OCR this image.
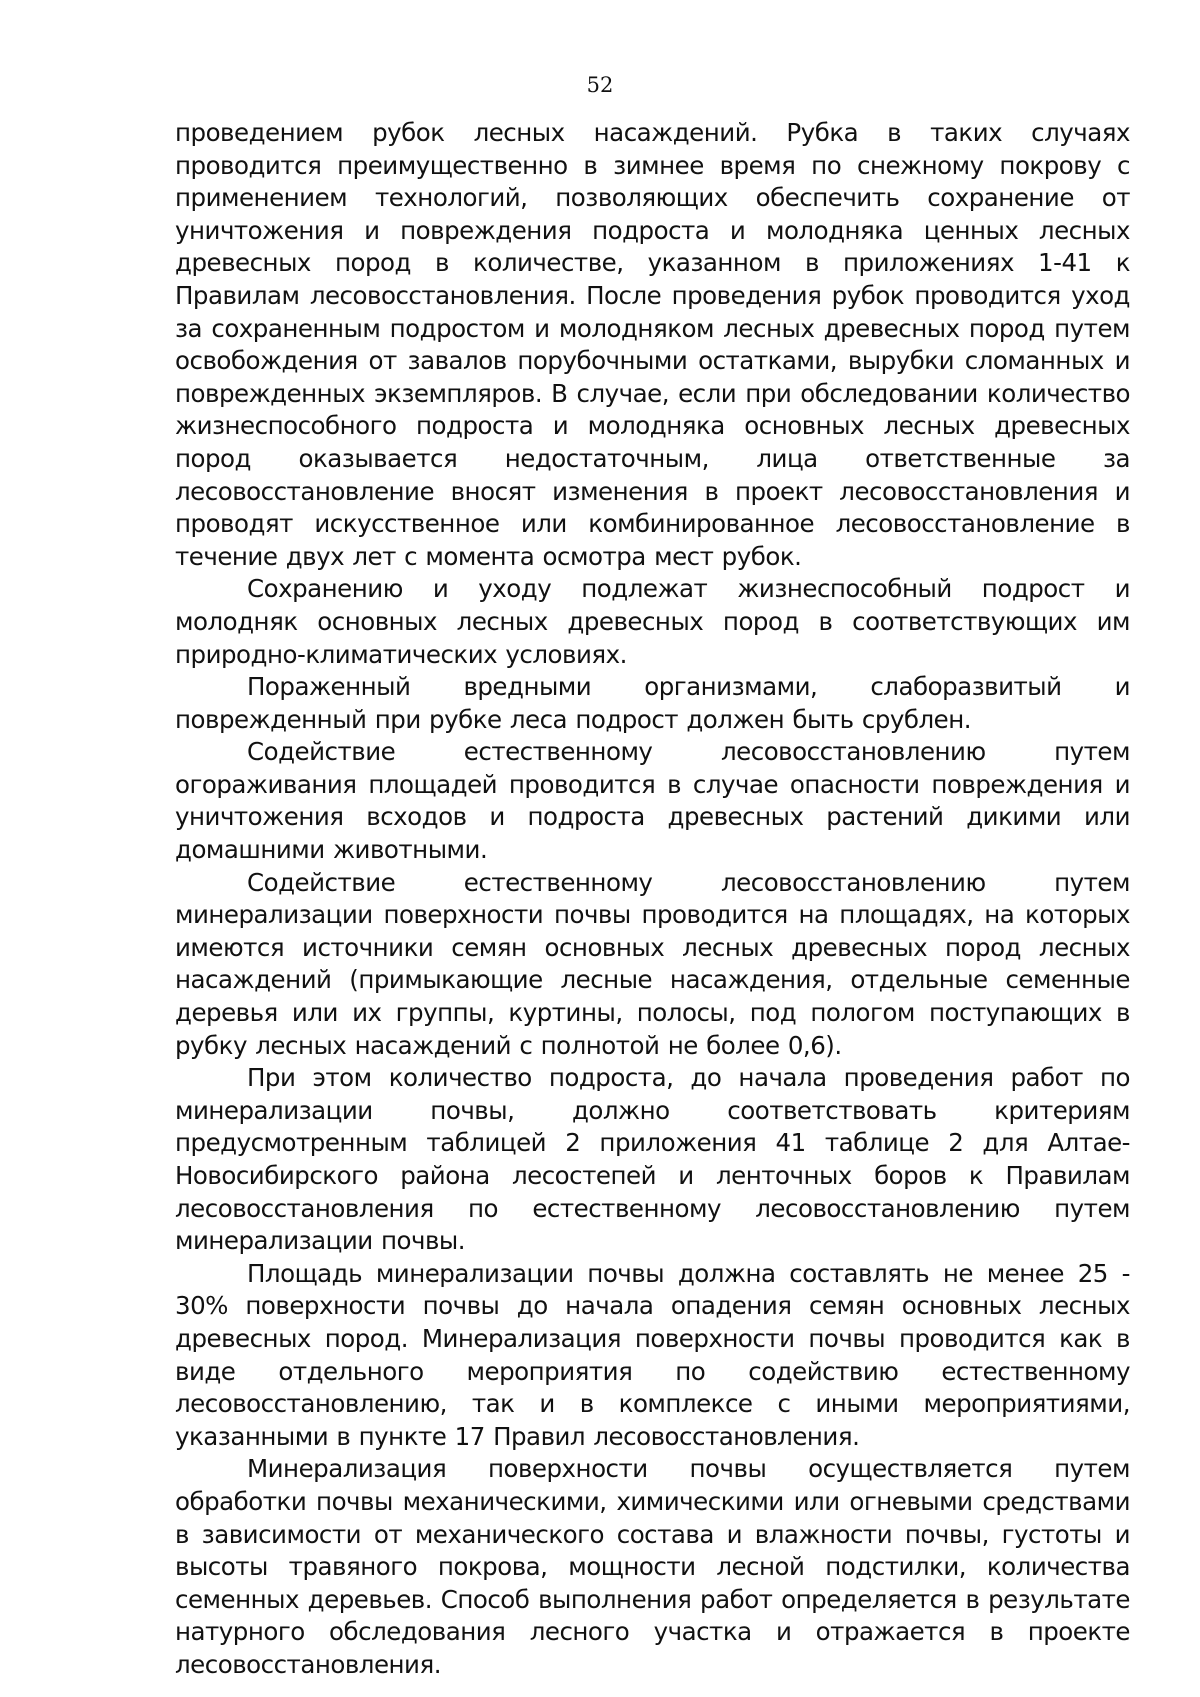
52

проведением рубок лесных насаждений. Рубка в таких случаях проводится преимущественно в зимнее время по снежному покрову с применением технологий, позволяющих обеспечить сохранение от уничтожения и повреждения подроста и молодняка ценных лесных древесных пород в количестве, указанном в приложениях 1-41 к Правилам лесовосстановления. После проведения рубок проводится уход за сохраненным подростом и молодняком лесных древесных пород путем освобождения от завалов порубочными остатками, вырубки сломанных и поврежденных экземпляров. В случае, если при обследовании количество жизнеспособного подроста и молодняка основных лесных древесных пород оказывается недостаточным, лица ответственные за лесовосстановление вносят изменения в проект лесовосстановления и проводят искусственное или комбинированное лесовосстановление в течение двух лет с момента осмотра мест рубок.

Сохранению и уходу подлежат жизнеспособный подрост и молодняк основных лесных древесных пород в соответствующих им природно-климатических условиях.

Пораженный вредными организмами, слаборазвитый и поврежденный при рубке леса подрост должен быть срублен.

Содействие естественному лесовосстановлению путем огораживания площадей проводится в случае опасности повреждения и уничтожения всходов и подроста древесных растений дикими или домашними животными.

Содействие естественному лесовосстановлению путем минерализации поверхности почвы проводится на площадях, на которых имеются источники семян основных лесных древесных пород лесных насаждений (примыкающие лесные насаждения, отдельные семенные деревья или их группы, куртины, полосы, под пологом поступающих в рубку лесных насаждений с полнотой не более 0,6).

При этом количество подроста, до начала проведения работ по минерализации почвы, должно соответствовать критериям предусмотренным таблицей 2 приложения 41 таблице 2 для Алтае-Новосибирского района лесостепей и ленточных боров к Правилам лесовосстановления по естественному лесовосстановлению путем минерализации почвы.

Площадь минерализации почвы должна составлять не менее 25 - 30% поверхности почвы до начала опадения семян основных лесных древесных пород. Минерализация поверхности почвы проводится как в виде отдельного мероприятия по содействию естественному лесовосстановлению, так и в комплексе с иными мероприятиями, указанными в пункте 17 Правил лесовосстановления.

Минерализация поверхности почвы осуществляется путем обработки почвы механическими, химическими или огневыми средствами в зависимости от механического состава и влажности почвы, густоты и высоты травяного покрова, мощности лесной подстилки, количества семенных деревьев. Способ выполнения работ определяется в результате натурного обследования лесного участка и отражается в проекте лесовосстановления.
